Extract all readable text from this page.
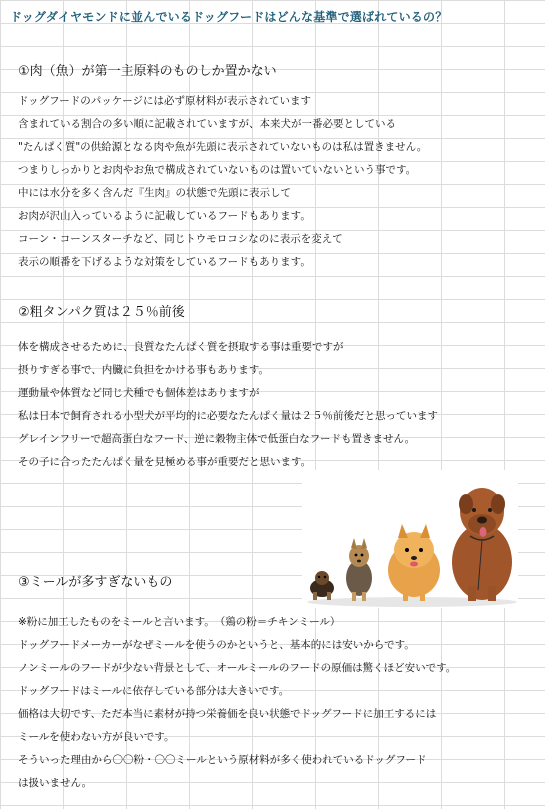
ドッグダイヤモンドに並んでいるドッグフードはどんな基準で選ばれているの？
①肉（魚）が第一主原料のものしか置かない
ドッグフードのパッケージには必ず原材料が表示されています
含まれている割合の多い順に記載されていますが、本来犬が一番必要としている
"たんぱく質"の供給源となる肉や魚が先頭に表示されていないものは私は置きません。
つまりしっかりとお肉やお魚で構成されていないものは置いていないという事です。
中には水分を多く含んだ『生肉』の状態で先頭に表示して
お肉が沢山入っているように記載しているフードもあります。
コーン・コーンスターチなど、同じトウモロコシなのに表示を変えて
表示の順番を下げるような対策をしているフードもあります。
②粗タンパク質は２５％前後
体を構成させるために、良質なたんぱく質を摂取する事は重要ですが
摂りすぎる事で、内臓に負担をかける事もあります。
運動量や体質など同じ犬種でも個体差はありますが
私は日本で飼育される小型犬が平均的に必要なたんぱく量は２５％前後だと思っています
グレインフリーで超高蛋白なフード、逆に穀物主体で低蛋白なフードも置きません。
その子に合ったたんぱく量を見極める事が重要だと思います。
③ミールが多すぎないもの
※粉に加工したものをミールと言います。　（鶏の粉＝チキンミール）
ドッグフードメーカーがなぜミールを使うのかというと、基本的には安いからです。
ノンミールのフードが少ない背景として、オールミールのフードの原価は驚くほど安いです。
ドッグフードはミールに依存している部分は大きいです。
価格は大切です、ただ本当に素材が持つ栄養価を良い状態でドッグフードに加工するには
ミールを使わない方が良いです。
そういった理由から〇〇粉・〇〇ミールという原材料が多く使われているドッグフード
は扱いません。
